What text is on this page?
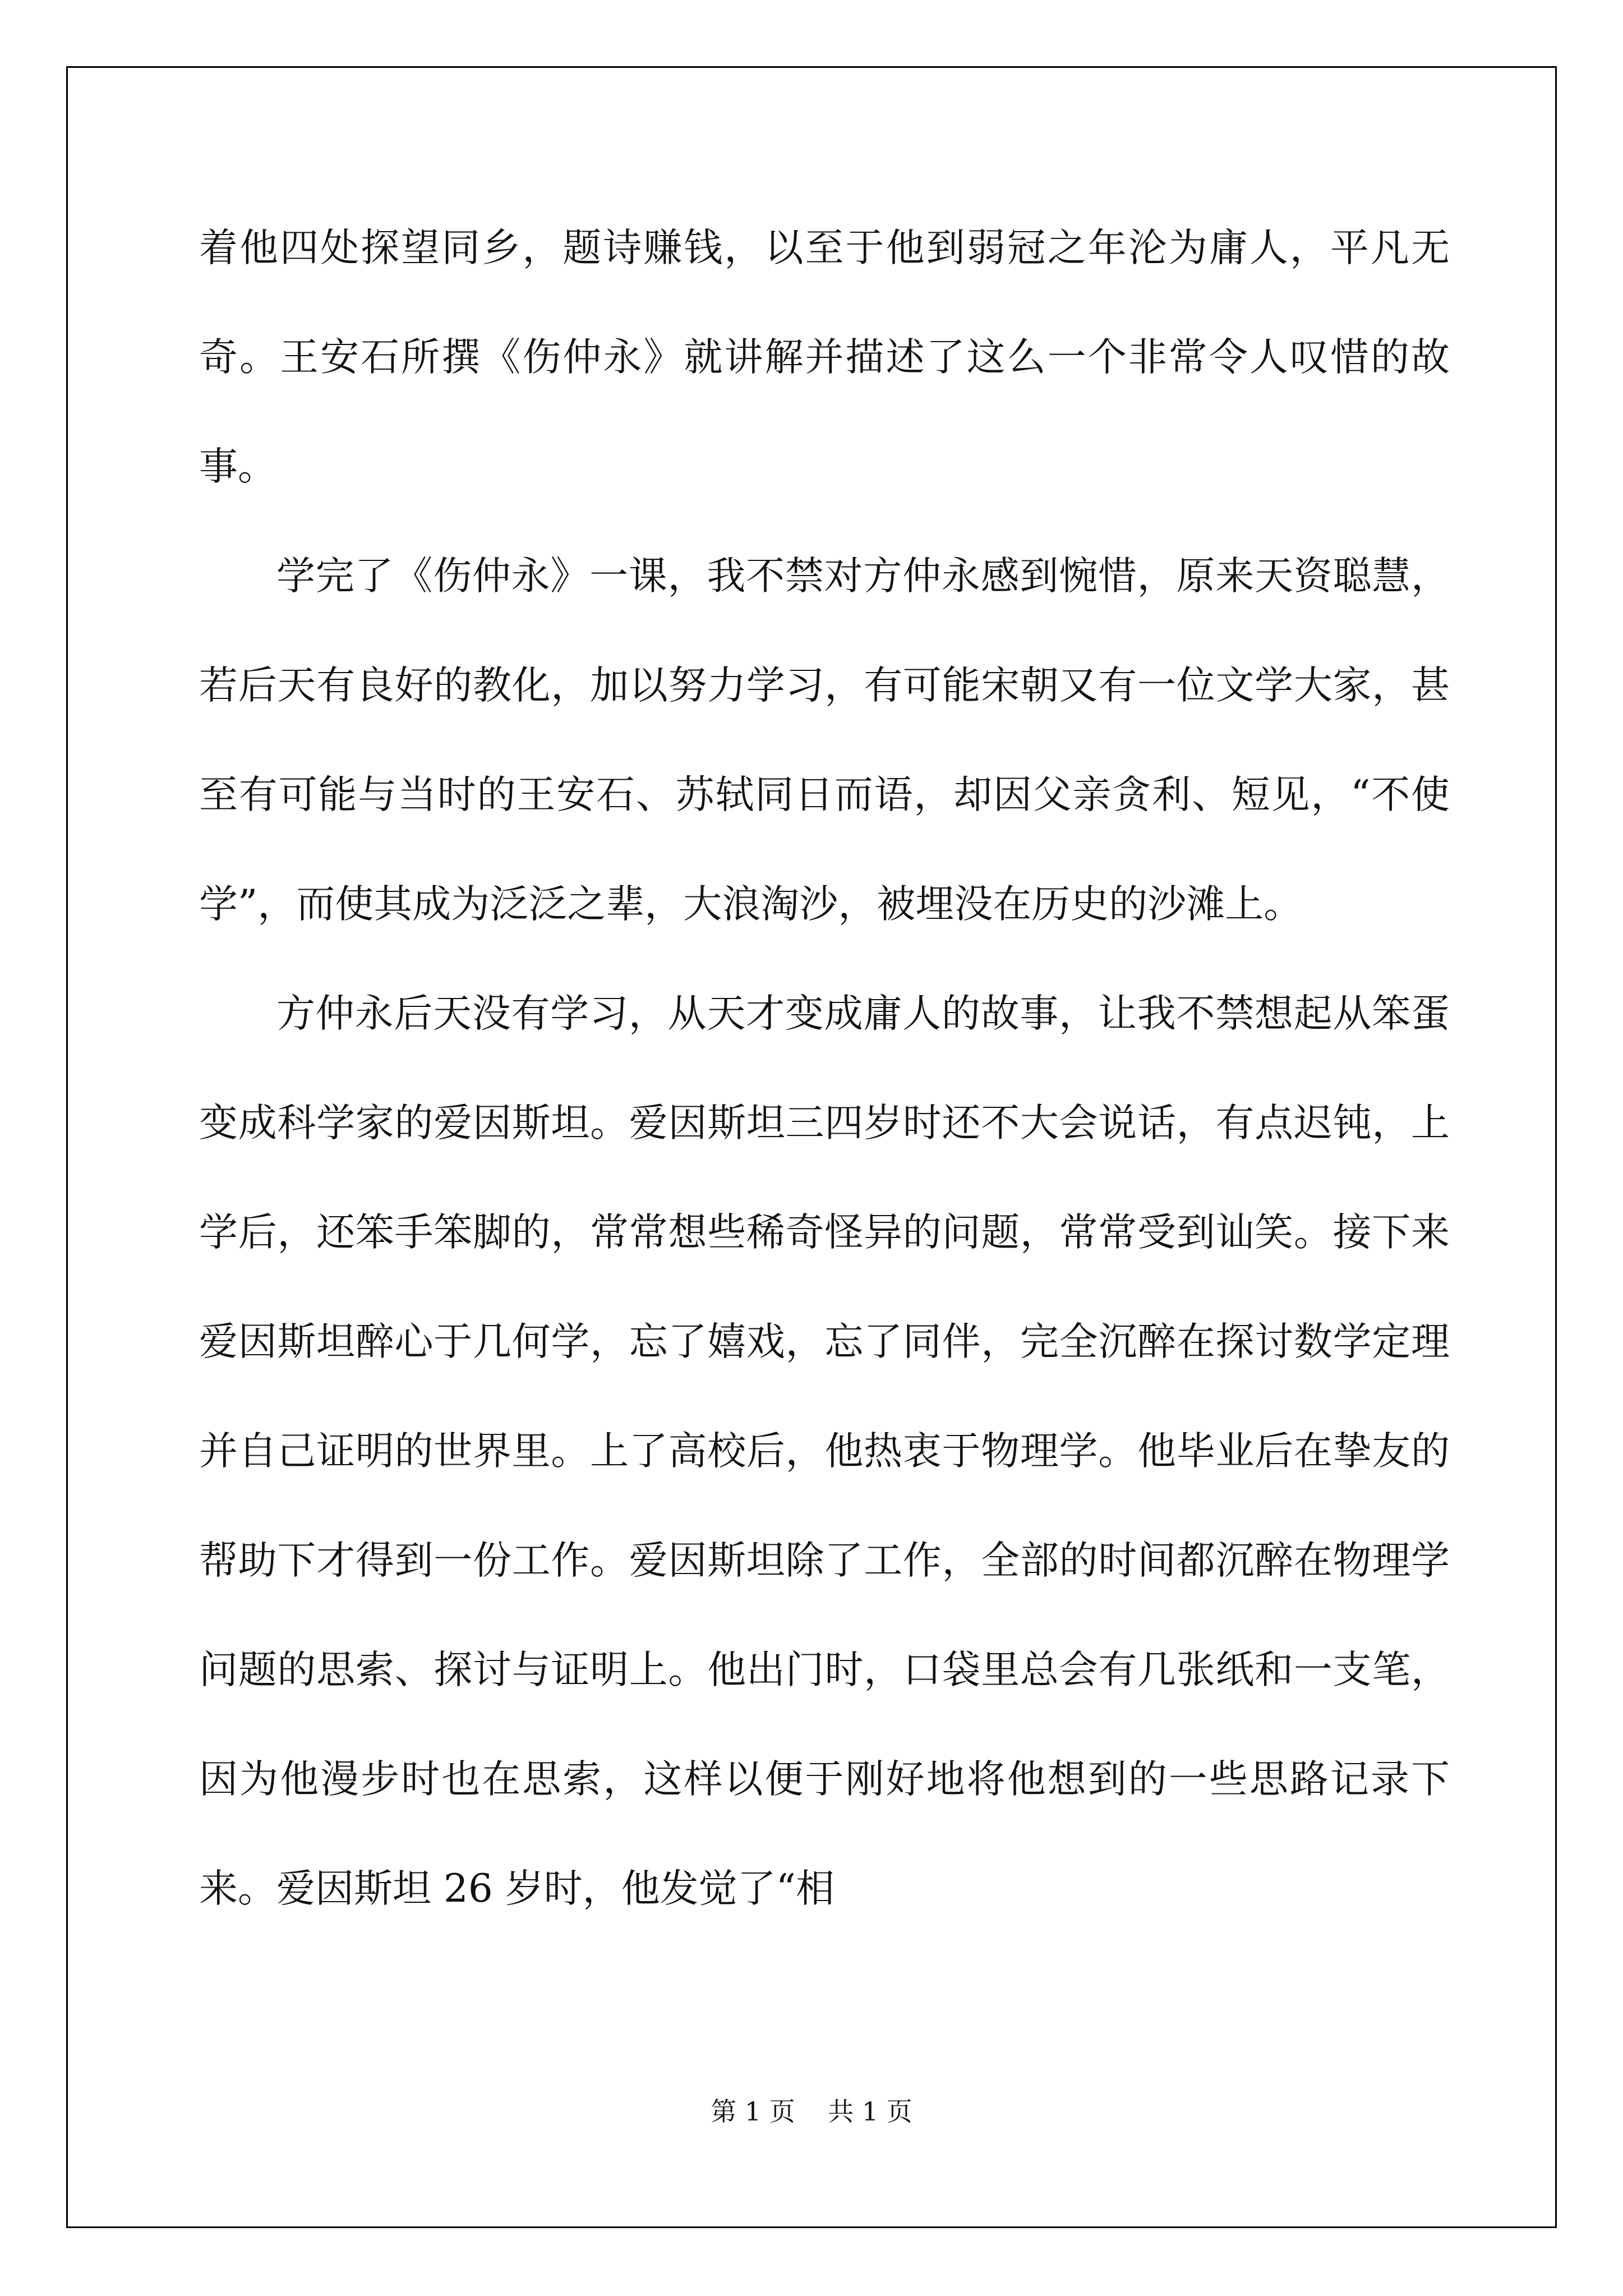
着他四处探望同乡，题诗赚钱，以至于他到弱冠之年沦为庸人，平凡无奇。王安石所撰《伤仲永》就讲解并描述了这么一个非常令人叹惜的故事。

学完了《伤仲永》一课，我不禁对方仲永感到惋惜，原来天资聪慧，若后天有良好的教化，加以努力学习，有可能宋朝又有一位文学大家，甚至有可能与当时的王安石、苏轼同日而语，却因父亲贪利、短见，“不使学”，而使其成为泛泛之辈，大浪淘沙，被埋没在历史的沙滩上。

方仲永后天没有学习，从天才变成庸人的故事，让我不禁想起从笨蛋变成科学家的爱因斯坦。爱因斯坦三四岁时还不大会说话，有点迟钝，上学后，还笨手笨脚的，常常想些稀奇怪异的问题，常常受到讪笑。接下来爱因斯坦醉心于几何学，忘了嬉戏，忘了同伴，完全沉醉在探讨数学定理并自己证明的世界里。上了高校后，他热衷于物理学。他毕业后在挚友的帮助下才得到一份工作。爱因斯坦除了工作，全部的时间都沉醉在物理学问题的思索、探讨与证明上。他出门时，口袋里总会有几张纸和一支笔，因为他漫步时也在思索，这样以便于刚好地将他想到的一些思路记录下来。爱因斯坦 26 岁时，他发觉了“相

第 1 页    共 1 页
